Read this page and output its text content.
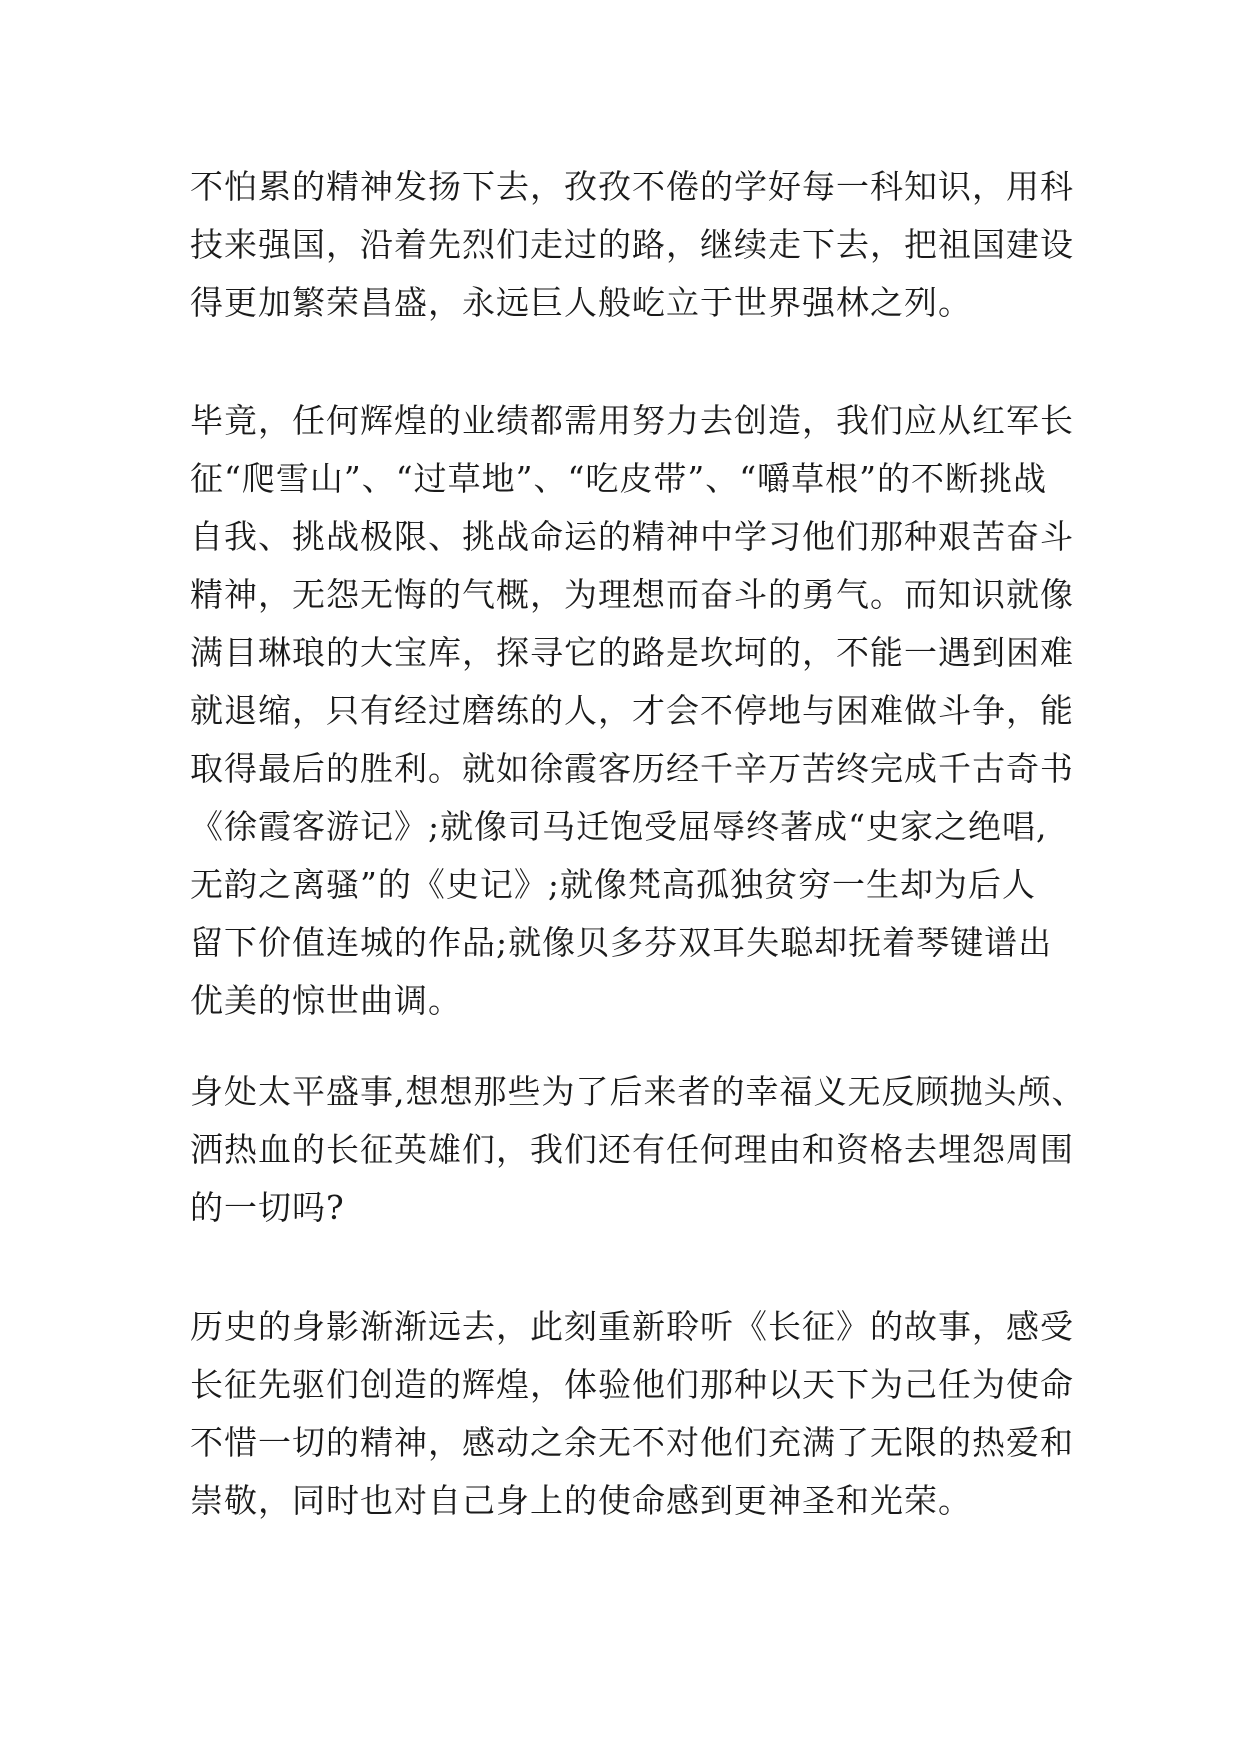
不怕累的精神发扬下去，孜孜不倦的学好每一科知识，用科
技来强国，沿着先烈们走过的路，继续走下去，把祖国建设
得更加繁荣昌盛，永远巨人般屹立于世界强林之列。
毕竟，任何辉煌的业绩都需用努力去创造，我们应从红军长
征“爬雪山”、“过草地”、“吃皮带”、“嚼草根”的不断挑战
自我、挑战极限、挑战命运的精神中学习他们那种艰苦奋斗
精神，无怨无悔的气概，为理想而奋斗的勇气。而知识就像
满目琳琅的大宝库，探寻它的路是坎坷的，不能一遇到困难
就退缩，只有经过磨练的人，才会不停地与困难做斗争，能
取得最后的胜利。就如徐霞客历经千辛万苦终完成千古奇书
《徐霞客游记》;就像司马迁饱受屈辱终著成“史家之绝唱,
无韵之离骚”的《史记》;就像梵高孤独贫穷一生却为后人
留下价值连城的作品;就像贝多芬双耳失聪却抚着琴键谱出
优美的惊世曲调。
身处太平盛事,想想那些为了后来者的幸福义无反顾抛头颅、
洒热血的长征英雄们，我们还有任何理由和资格去埋怨周围
的一切吗?
历史的身影渐渐远去，此刻重新聆听《长征》的故事，感受
长征先驱们创造的辉煌，体验他们那种以天下为己任为使命
不惜一切的精神，感动之余无不对他们充满了无限的热爱和
崇敬，同时也对自己身上的使命感到更神圣和光荣。
